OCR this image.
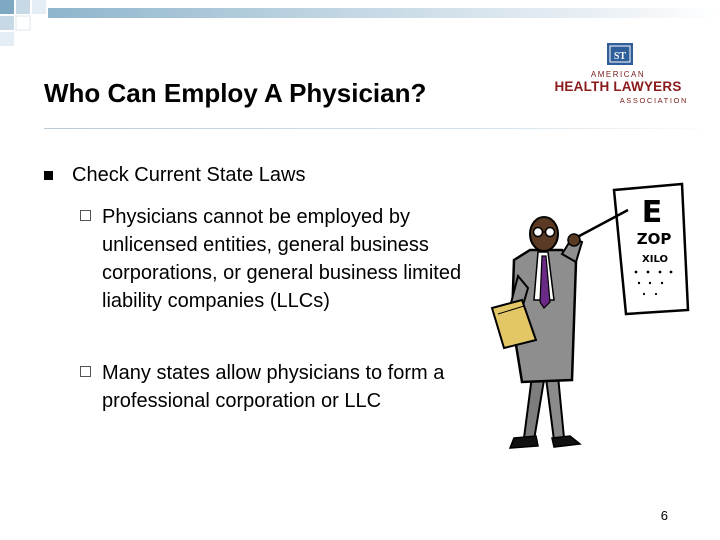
Who Can Employ A Physician?
ST
AMERICAN
HEALTH LAWYERS
ASSOCIATION
Check Current State Laws
Physicians cannot be employed by unlicensed entities, general business corporations, or general business limited liability companies (LLCs)
Many states allow physicians to form a professional corporation or LLC
E
ZOP
XILO
6
